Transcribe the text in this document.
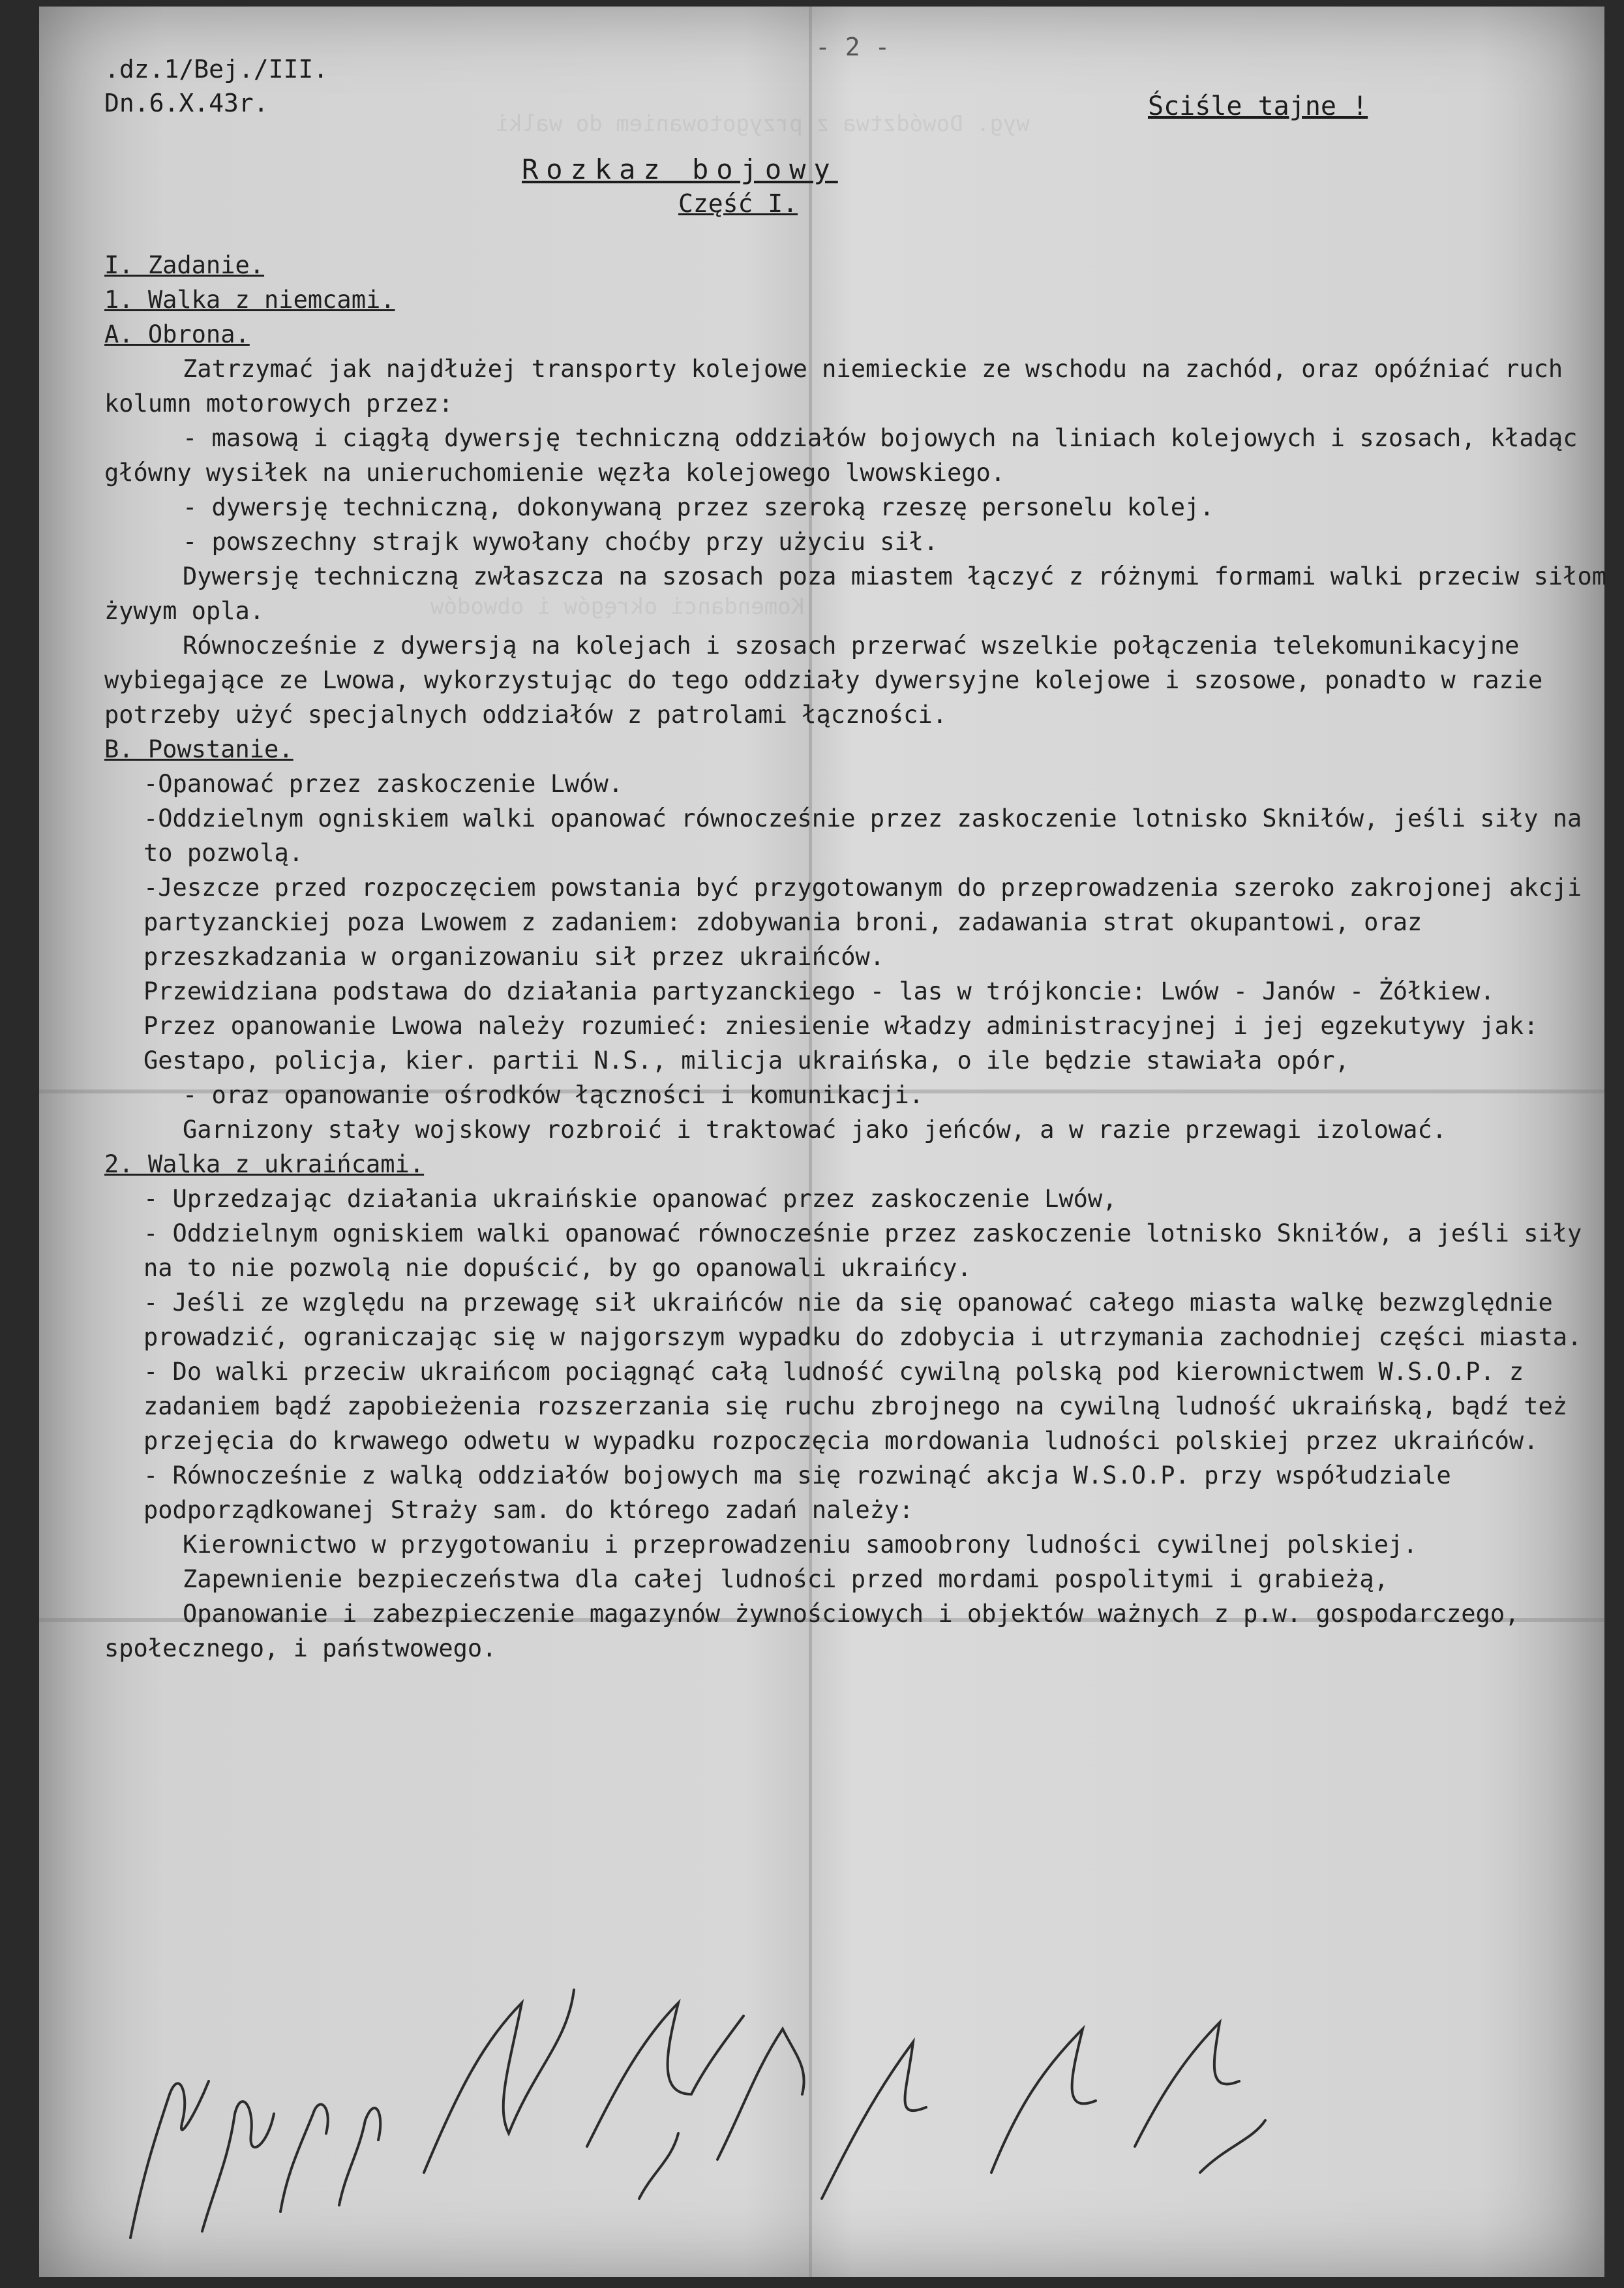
wyg. Dowództwa z przygotowaniem do walki
Komendanci okręgów i obwodów
- 2 -
.dz.1/Bej./III.
Dn.6.X.43r.	Ściśle tajne !
Rozkaz bojowy
Część I.

I. Zadanie.

1. Walka z niemcami.

A. Obrona.

Zatrzymać jak najdłużej transporty kolejowe niemieckie ze wschodu na zachód, oraz opóźniać ruch kolumn motorowych przez:

- masową i ciągłą dywersję techniczną oddziałów bojowych na liniach kolejowych i szosach, kładąc główny wysiłek na unieruchomienie węzła kolejowego lwowskiego.

- dywersję techniczną, dokonywaną przez szeroką rzeszę personelu kolej.

- powszechny strajk wywołany choćby przy użyciu sił.

Dywersję techniczną zwłaszcza na szosach poza miastem łączyć z różnymi formami walki przeciw siłom żywym opla.

Równocześnie z dywersją na kolejach i szosach przerwać wszelkie połączenia telekomunikacyjne wybiegające ze Lwowa, wykorzystując do tego oddziały dywersyjne kolejowe i szosowe, ponadto w razie potrzeby użyć specjalnych oddziałów z patrolami łączności.

B. Powstanie.

-Opanować przez zaskoczenie Lwów.

-Oddzielnym ogniskiem walki opanować równocześnie przez zaskoczenie lotnisko Skniłów, jeśli siły na to pozwolą.

-Jeszcze przed rozpoczęciem powstania być przygotowanym do przeprowadzenia szeroko zakrojonej akcji partyzanckiej poza Lwowem z zadaniem: zdobywania broni, zadawania strat okupantowi, oraz przeszkadzania w organizowaniu sił przez ukraińców.

Przewidziana podstawa do działania partyzanckiego - las w trójkoncie: Lwów - Janów - Żółkiew.

Przez opanowanie Lwowa należy rozumieć: zniesienie władzy administracyjnej i jej egzekutywy jak: Gestapo, policja, kier. partii N.S., milicja ukraińska, o ile będzie stawiała opór,

- oraz opanowanie ośrodków łączności i komunikacji.

Garnizony stały wojskowy rozbroić i traktować jako jeńców, a w razie przewagi izolować.

2. Walka z ukraińcami.

- Uprzedzając działania ukraińskie opanować przez zaskoczenie Lwów,

- Oddzielnym ogniskiem walki opanować równocześnie przez zaskoczenie lotnisko Skniłów, a jeśli siły na to nie pozwolą nie dopuścić, by go opanowali ukraińcy.

- Jeśli ze względu na przewagę sił ukraińców nie da się opanować całego miasta walkę bezwzględnie prowadzić, ograniczając się w najgorszym wypadku do zdobycia i utrzymania zachodniej części miasta.

- Do walki przeciw ukraińcom pociągnąć całą ludność cywilną polską pod kierownictwem W.S.O.P. z zadaniem bądź zapobieżenia rozszerzania się ruchu zbrojnego na cywilną ludność ukraińską, bądź też przejęcia do krwawego odwetu w wypadku rozpoczęcia mordowania ludności polskiej przez ukraińców.

- Równocześnie z walką oddziałów bojowych ma się rozwinąć akcja W.S.O.P. przy współudziale podporządkowanej Straży sam. do którego zadań należy:

Kierownictwo w przygotowaniu i przeprowadzeniu samoobrony ludności cywilnej polskiej.

Zapewnienie bezpieczeństwa dla całej ludności przed mordami pospolitymi i grabieżą,

Opanowanie i zabezpieczenie magazynów żywnościowych i objektów ważnych z p.w. gospodarczego, społecznego, i państwowego.
